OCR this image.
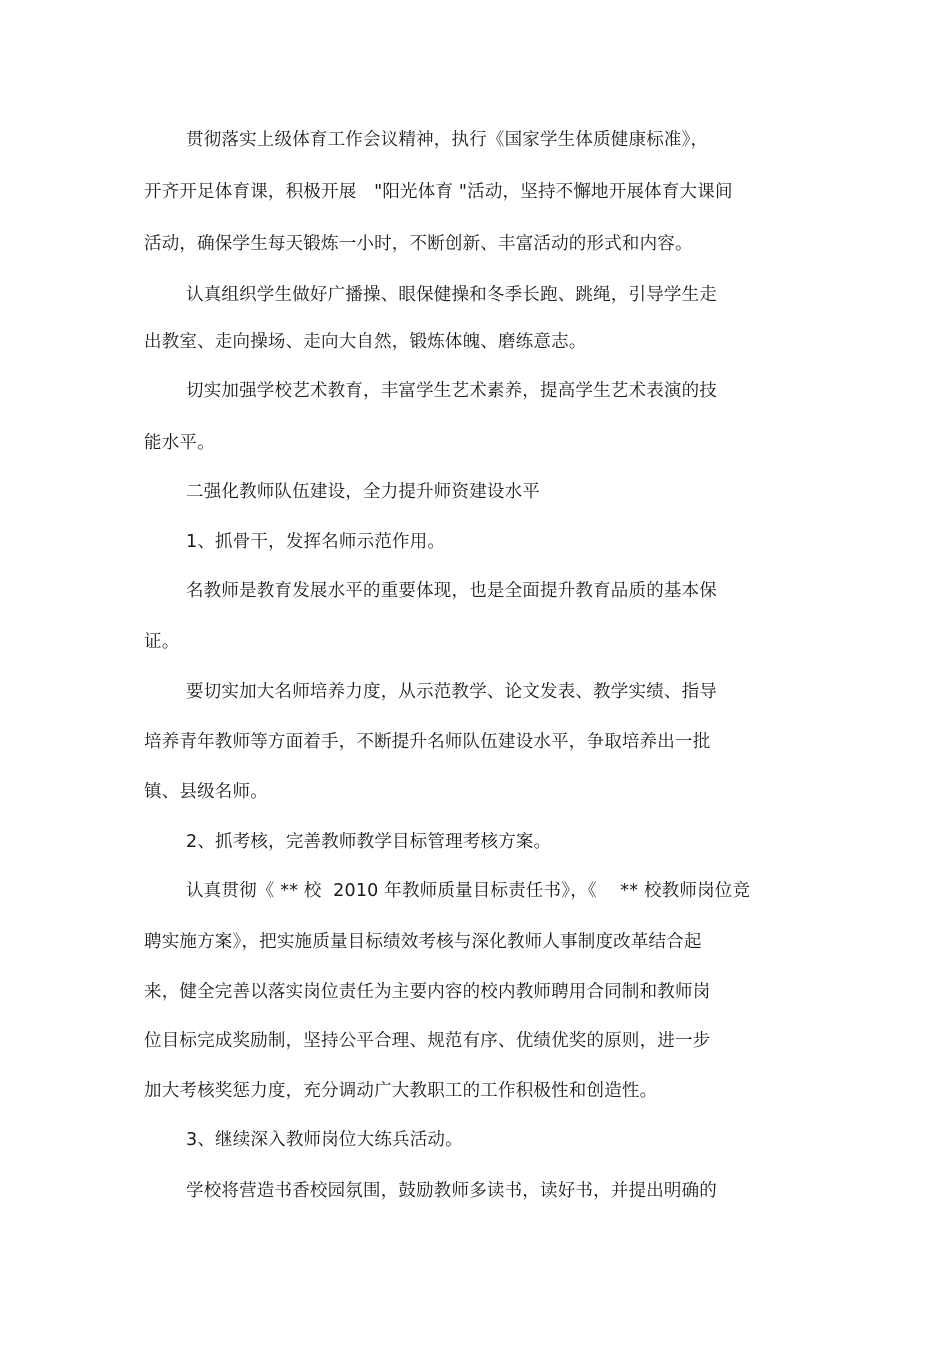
贯彻落实上级体育工作会议精神，执行《国家学生体质健康标准》，
开齐开足体育课，积极开展　"阳光体育 "活动，坚持不懈地开展体育大课间
活动，确保学生每天锻炼一小时，不断创新、丰富活动的形式和内容。
认真组织学生做好广播操、眼保健操和冬季长跑、跳绳，引导学生走
出教室、走向操场、走向大自然，锻炼体魄、磨练意志。
切实加强学校艺术教育，丰富学生艺术素养，提高学生艺术表演的技
能水平。
二强化教师队伍建设，全力提升师资建设水平
1、抓骨干，发挥名师示范作用。
名教师是教育发展水平的重要体现，也是全面提升教育品质的基本保
证。
要切实加大名师培养力度，从示范教学、论文发表、教学实绩、指导
培养青年教师等方面着手，不断提升名师队伍建设水平，争取培养出一批
镇、县级名师。
2、抓考核，完善教师教学目标管理考核方案。
认真贯彻《 ** 校  2010 年教师质量目标责任书》，《　 ** 校教师岗位竞
聘实施方案》，把实施质量目标绩效考核与深化教师人事制度改革结合起
来，健全完善以落实岗位责任为主要内容的校内教师聘用合同制和教师岗
位目标完成奖励制，坚持公平合理、规范有序、优绩优奖的原则，进一步
加大考核奖惩力度，充分调动广大教职工的工作积极性和创造性。
3、继续深入教师岗位大练兵活动。
学校将营造书香校园氛围，鼓励教师多读书，读好书，并提出明确的
